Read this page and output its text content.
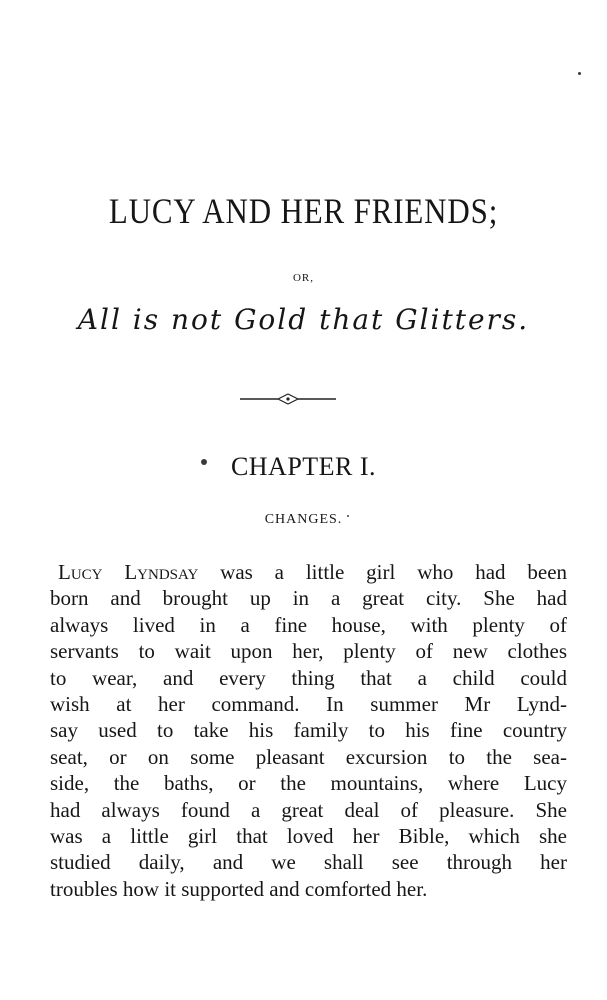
LUCY AND HER FRIENDS;
OR,
All is not Gold that Glitters.
CHAPTER I.
CHANGES.
Lucy Lyndsay was a little girl who had been
born and brought up in a great city. She had
always lived in a fine house, with plenty of
servants to wait upon her, plenty of new clothes
to wear, and every thing that a child could
wish at her command. In summer Mr Lynd-
say used to take his family to his fine country
seat, or on some pleasant excursion to the sea-
side, the baths, or the mountains, where Lucy
had always found a great deal of pleasure. She
was a little girl that loved her Bible, which she
studied daily, and we shall see through her
troubles how it supported and comforted her.
